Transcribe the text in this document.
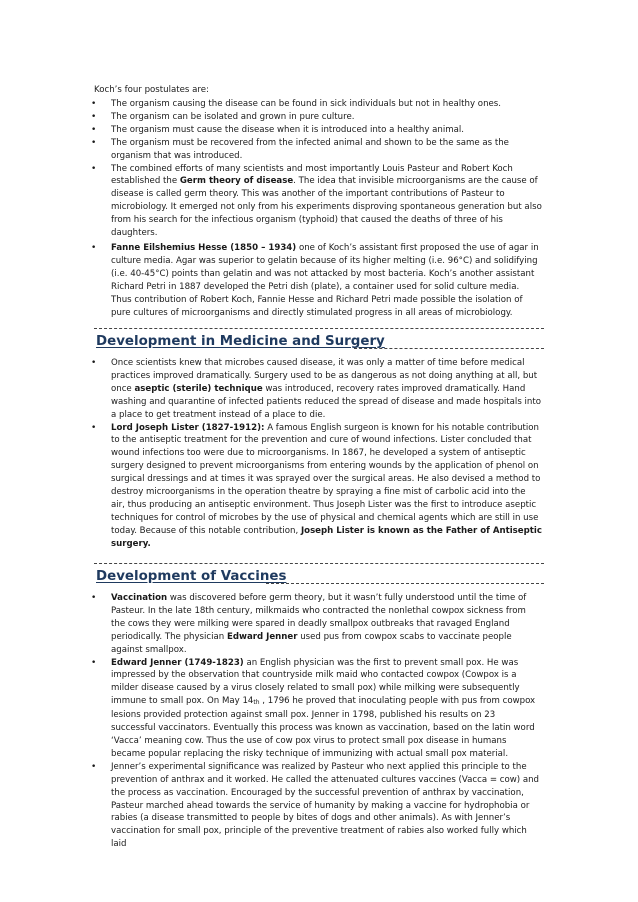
Koch’s four postulates are:
•	The organism causing the disease can be found in sick individuals but not in healthy ones.
•	The organism can be isolated and grown in pure culture.
•	The organism must cause the disease when it is introduced into a healthy animal.
•	The organism must be recovered from the infected animal and shown to be the same as the organism that was introduced.
•	The combined efforts of many scientists and most importantly Louis Pasteur and Robert Koch established the Germ theory of disease. The idea that invisible microorganisms are the cause of disease is called germ theory. This was another of the important contributions of Pasteur to microbiology. It emerged not only from his experiments disproving spontaneous generation but also from his search for the infectious organism (typhoid) that caused the deaths of three of his daughters.
•	Fanne Eilshemius Hesse (1850 – 1934) one of Koch’s assistant first proposed the use of agar in culture media. Agar was superior to gelatin because of its higher melting (i.e. 96°C) and solidifying (i.e. 40-45°C) points than gelatin and was not attacked by most bacteria. Koch’s another assistant Richard Petri in 1887 developed the Petri dish (plate), a container used for solid culture media. Thus contribution of Robert Koch, Fannie Hesse and Richard Petri made possible the isolation of pure cultures of microorganisms and directly stimulated progress in all areas of microbiology.
Development in Medicine and Surgery
•	Once scientists knew that microbes caused disease, it was only a matter of time before medical practices improved dramatically. Surgery used to be as dangerous as not doing anything at all, but once aseptic (sterile) technique was introduced, recovery rates improved dramatically. Hand washing and quarantine of infected patients reduced the spread of disease and made hospitals into a place to get treatment instead of a place to die.
•	Lord Joseph Lister (1827-1912): A famous English surgeon is known for his notable contribution to the antiseptic treatment for the prevention and cure of wound infections. Lister concluded that wound infections too were due to microorganisms. In 1867, he developed a system of antiseptic surgery designed to prevent microorganisms from entering wounds by the application of phenol on surgical dressings and at times it was sprayed over the surgical areas. He also devised a method to destroy microorganisms in the operation theatre by spraying a fine mist of carbolic acid into the air, thus producing an antiseptic environment. Thus Joseph Lister was the first to introduce aseptic techniques for control of microbes by the use of physical and chemical agents which are still in use today. Because of this notable contribution, Joseph Lister is known as the Father of Antiseptic surgery.
Development of Vaccines
•	Vaccination was discovered before germ theory, but it wasn’t fully understood until the time of Pasteur. In the late 18th century, milkmaids who contracted the nonlethal cowpox sickness from the cows they were milking were spared in deadly smallpox outbreaks that ravaged England periodically. The physician Edward Jenner used pus from cowpox scabs to vaccinate people against smallpox.
•	Edward Jenner (1749-1823) an English physician was the first to prevent small pox. He was impressed by the observation that countryside milk maid who contacted cowpox (Cowpox is a milder disease caused by a virus closely related to small pox) while milking were subsequently immune to small pox. On May $14_{th}$ , 1796 he proved that inoculating people with pus from cowpox lesions provided protection against small pox. Jenner in 1798, published his results on 23 successful vaccinators. Eventually this process was known as vaccination, based on the latin word ‘Vacca’ meaning cow. Thus the use of cow pox virus to protect small pox disease in humans became popular replacing the risky technique of immunizing with actual small pox material.
•	Jenner’s experimental significance was realized by Pasteur who next applied this principle to the prevention of anthrax and it worked. He called the attenuated cultures vaccines (Vacca = cow) and the process as vaccination. Encouraged by the successful prevention of anthrax by vaccination, Pasteur marched ahead towards the service of humanity by making a vaccine for hydrophobia or rabies (a disease transmitted to people by bites of dogs and other animals). As with Jenner’s vaccination for small pox, principle of the preventive treatment of rabies also worked fully which laid
